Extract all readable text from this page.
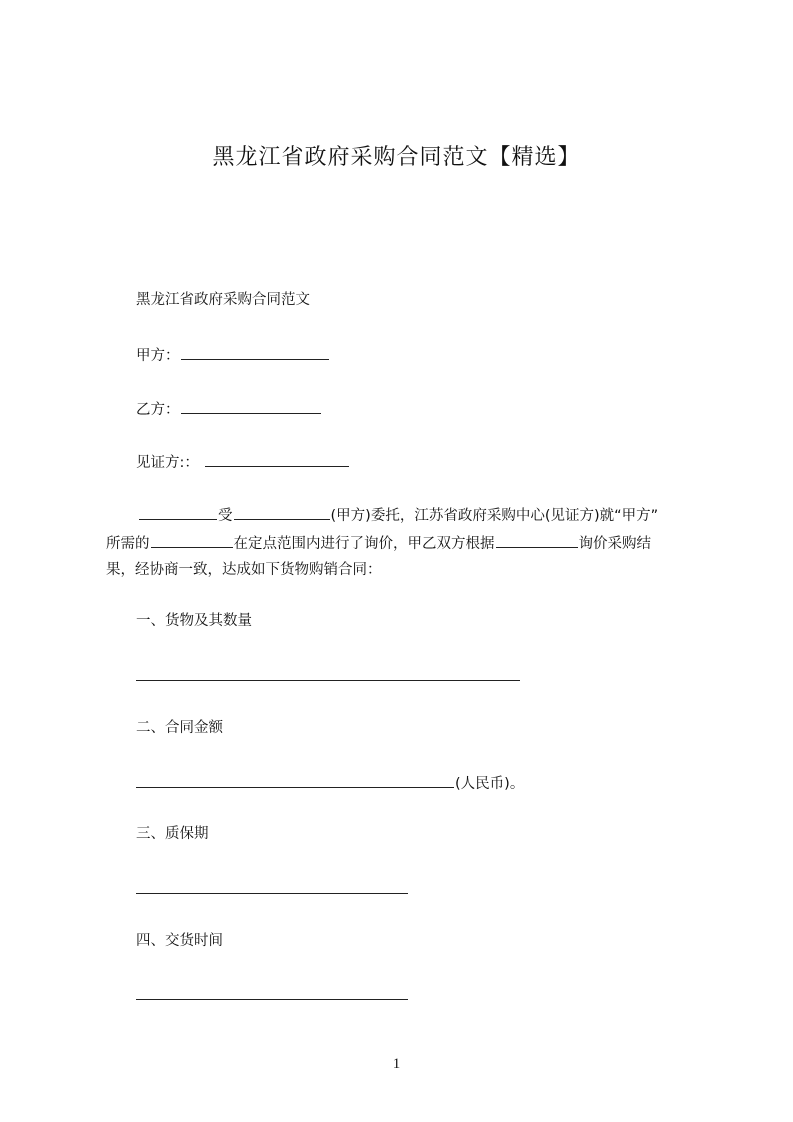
黑龙江省政府采购合同范文【精选】
黑龙江省政府采购合同范文
甲方：
乙方：
见证方:：
受	(甲方)委托，江苏省政府采购中心(见证方)就“甲方”
所需的	在定点范围内进行了询价，甲乙双方根据	询价采购结
果，经协商一致，达成如下货物购销合同：
一、货物及其数量
二、合同金额
(人民币)。
三、质保期
四、交货时间
1
